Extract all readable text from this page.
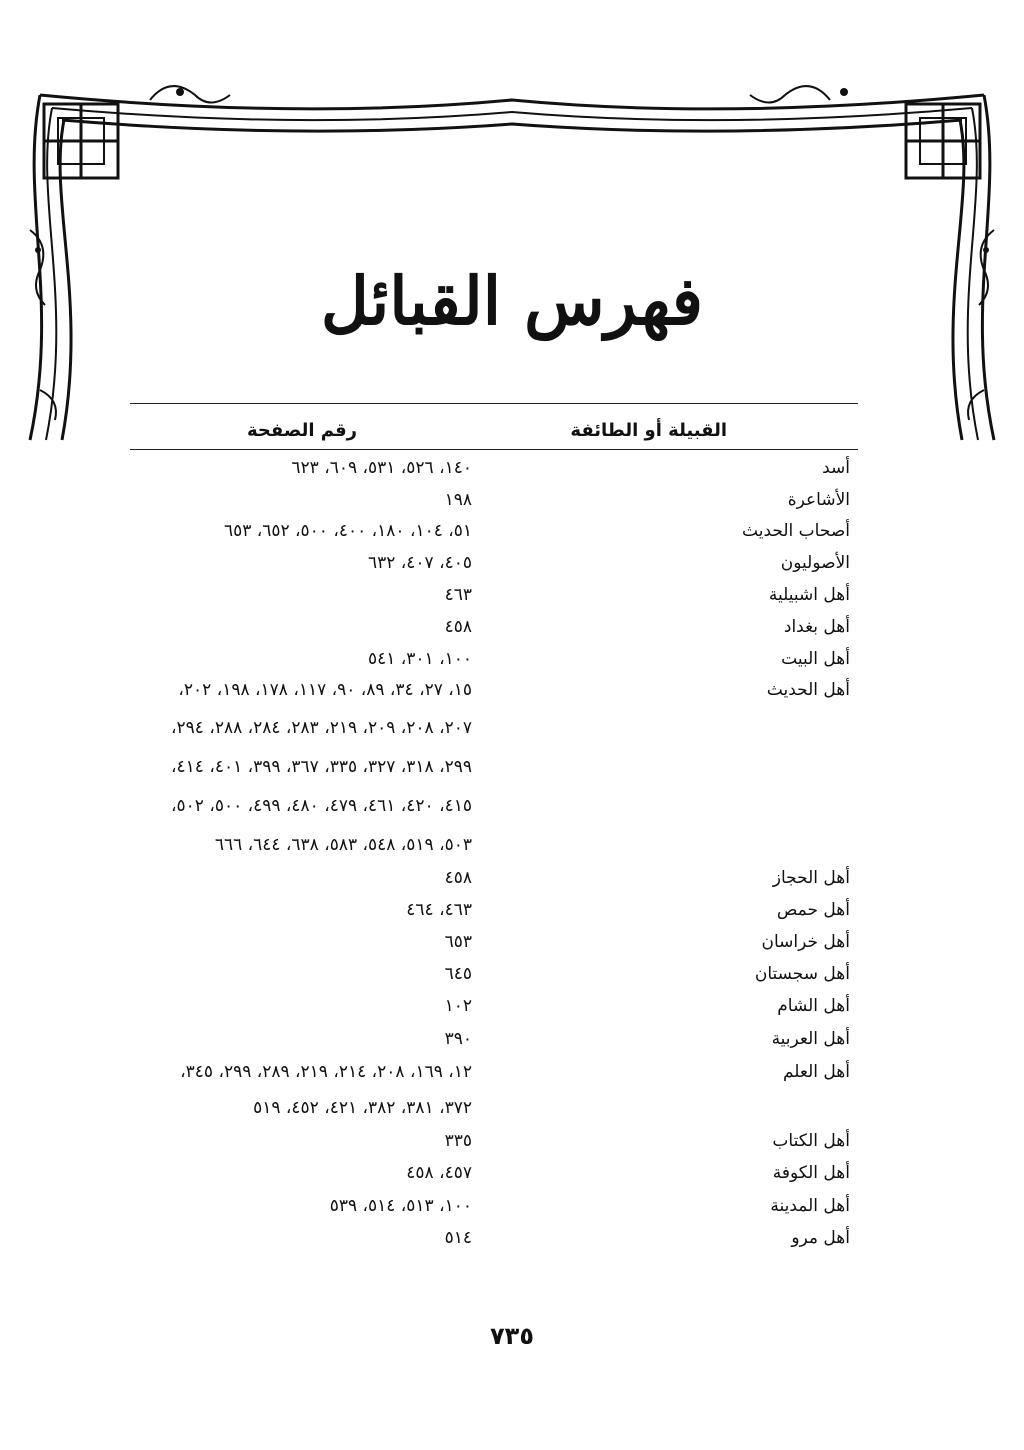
فهرس القبائل
القبيلة أو الطائفة
رقم الصفحة
أسد
١٤٠، ٥٢٦، ٥٣١، ٦٠٩، ٦٢٣
الأشاعرة
١٩٨
أصحاب الحديث
٥١، ١٠٤، ١٨٠، ٤٠٠، ٥٠٠، ٦٥٢، ٦٥٣
الأصوليون
٤٠٥، ٤٠٧، ٦٣٢
أهل اشبيلية
٤٦٣
أهل بغداد
٤٥٨
أهل البيت
١٠٠، ٣٠١، ٥٤١
أهل الحديث
١٥، ٢٧، ٣٤، ٨٩، ٩٠، ١١٧، ١٧٨، ١٩٨، ٢٠٢،
٢٠٧، ٢٠٨، ٢٠٩، ٢١٩، ٢٨٣، ٢٨٤، ٢٨٨، ٢٩٤،
٢٩٩، ٣١٨، ٣٢٧، ٣٣٥، ٣٦٧، ٣٩٩، ٤٠١، ٤١٤،
٤١٥، ٤٢٠، ٤٦١، ٤٧٩، ٤٨٠، ٤٩٩، ٥٠٠، ٥٠٢،
٥٠٣، ٥١٩، ٥٤٨، ٥٨٣، ٦٣٨، ٦٤٤، ٦٦٦
أهل الحجاز
٤٥٨
أهل حمص
٤٦٣، ٤٦٤
أهل خراسان
٦٥٣
أهل سجستان
٦٤٥
أهل الشام
١٠٢
أهل العربية
٣٩٠
أهل العلم
١٢، ١٦٩، ٢٠٨، ٢١٤، ٢١٩، ٢٨٩، ٢٩٩، ٣٤٥،
٣٧٢، ٣٨١، ٣٨٢، ٤٢١، ٤٥٢، ٥١٩
أهل الكتاب
٣٣٥
أهل الكوفة
٤٥٧، ٤٥٨
أهل المدينة
١٠٠، ٥١٣، ٥١٤، ٥٣٩
أهل مرو
٥١٤
٧٣٥
